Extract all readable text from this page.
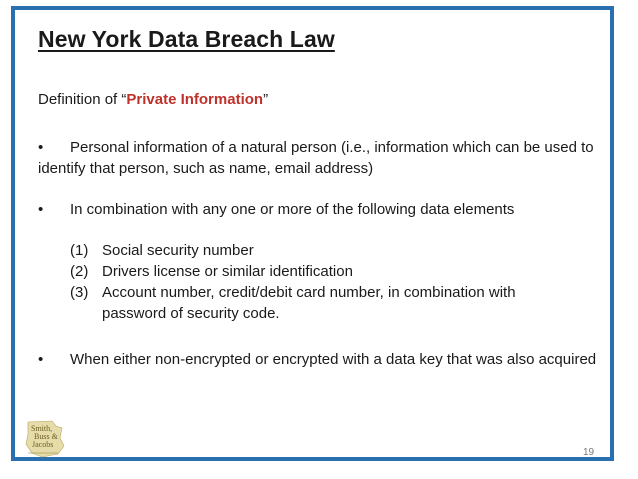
New York Data Breach Law
Definition of “Private Information”
•	Personal information of a natural person (i.e., information which can be used to identify that person, such as name, email address)
•	In combination with any one or more of the following data elements
(1) Social security number
(2) Drivers license or similar identification
(3) Account number, credit/debit card number, in combination with password of security code.
•	When either non-encrypted or encrypted with a data key that was also acquired
Smith,
Buss &
Jacobs
19
